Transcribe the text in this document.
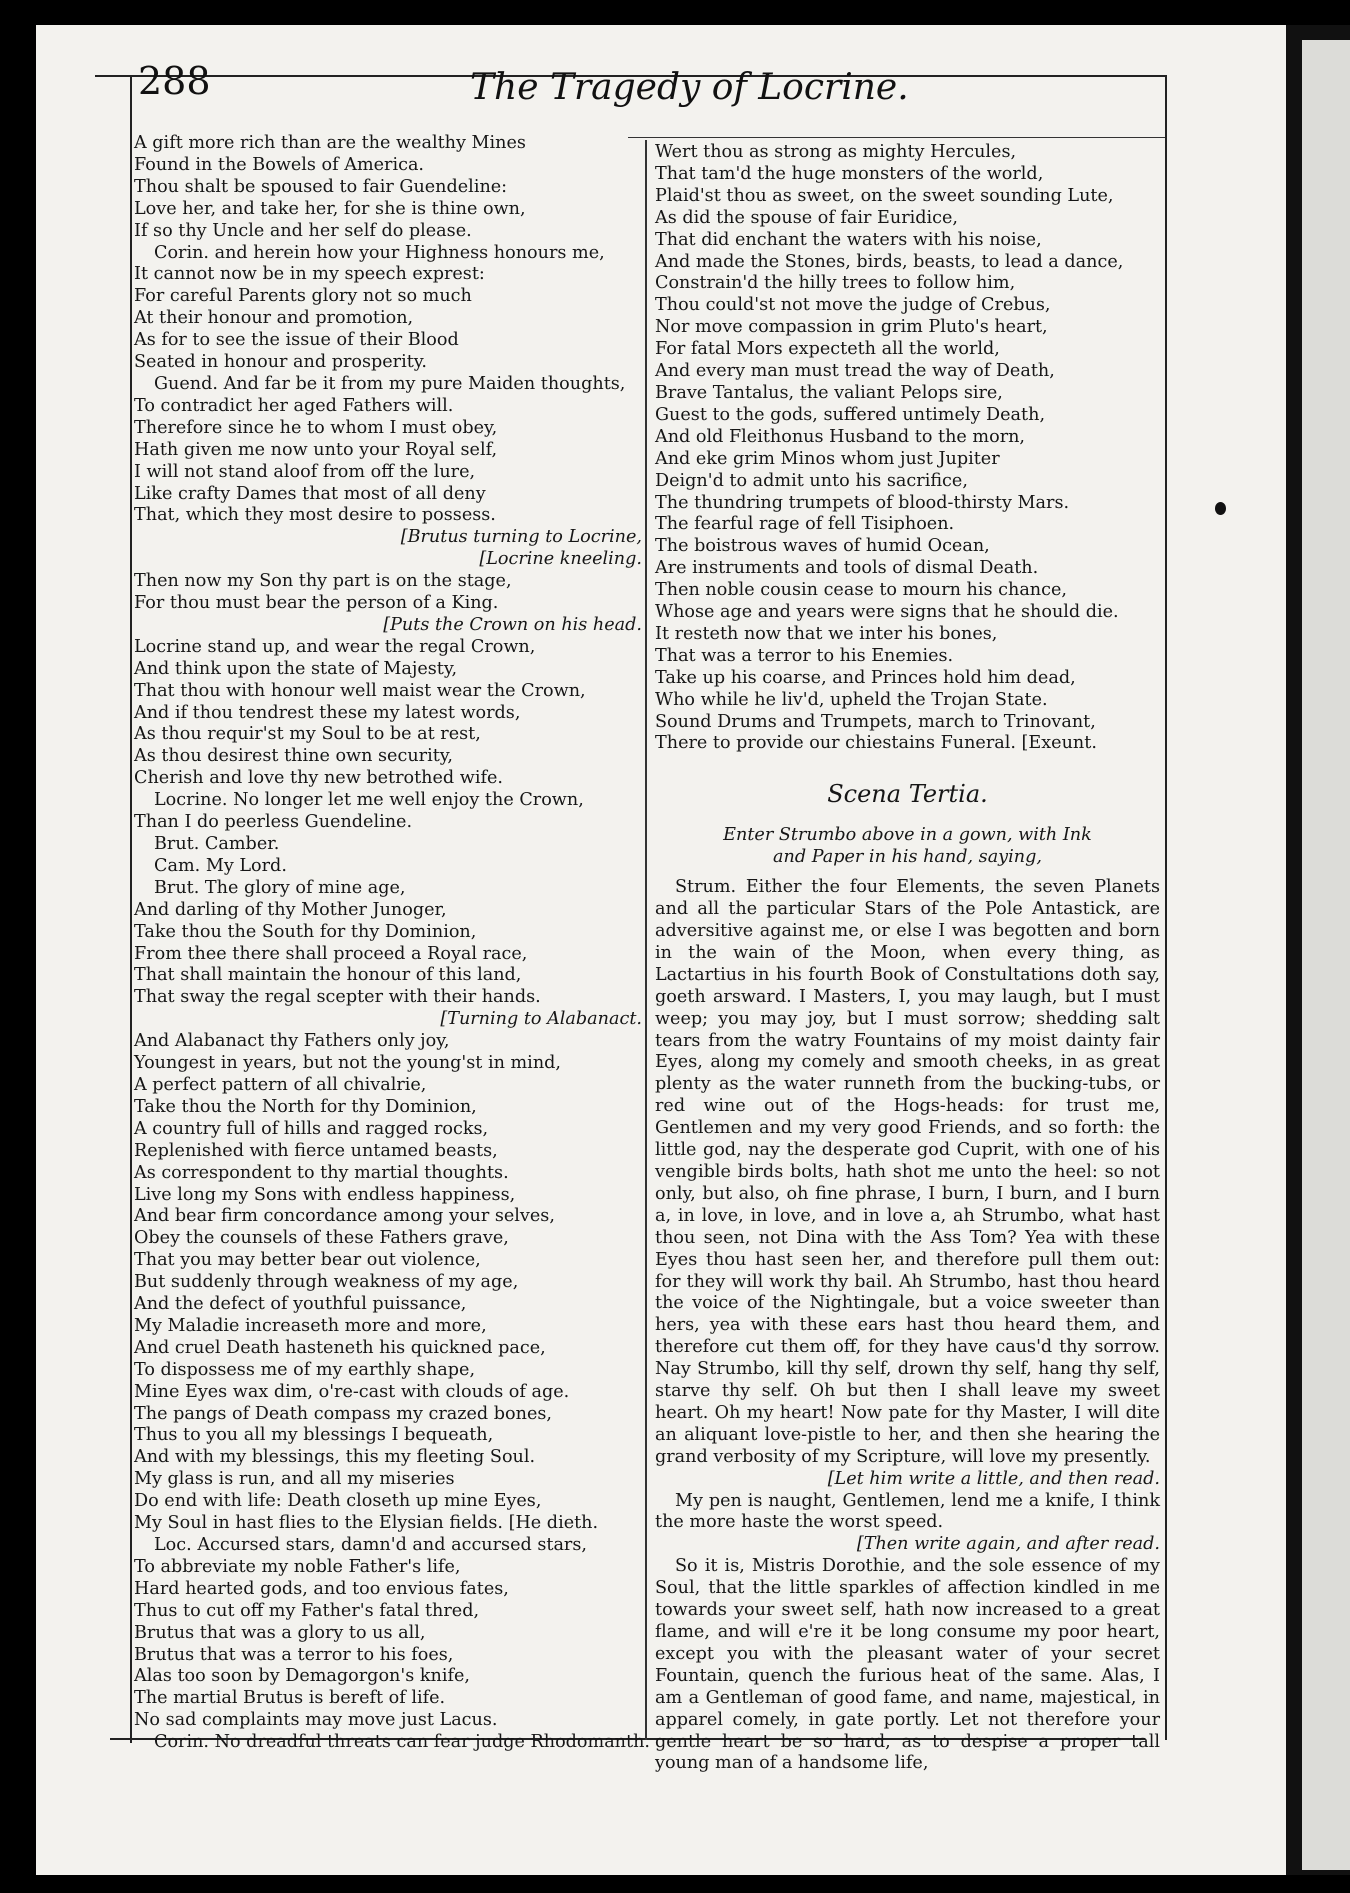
288	The Tragedy of Locrine.
A gift more rich than are the wealthy Mines
Found in the Bowels of America.
Thou shalt be spoused to fair Guendeline:
Love her, and take her, for she is thine own,
If so thy Uncle and her self do please.
Corin. and herein how your Highness honours me,
It cannot now be in my speech exprest:
For careful Parents glory not so much
At their honour and promotion,
As for to see the issue of their Blood
Seated in honour and prosperity.
Guend. And far be it from my pure Maiden thoughts,
To contradict her aged Fathers will.
Therefore since he to whom I must obey,
Hath given me now unto your Royal self,
I will not stand aloof from off the lure,
Like crafty Dames that most of all deny
That, which they most desire to possess.
[Brutus turning to Locrine,
[Locrine kneeling.
Then now my Son thy part is on the stage,
For thou must bear the person of a King.
[Puts the Crown on his head.
Locrine stand up, and wear the regal Crown,
And think upon the state of Majesty,
That thou with honour well maist wear the Crown,
And if thou tendrest these my latest words,
As thou requir'st my Soul to be at rest,
As thou desirest thine own security,
Cherish and love thy new betrothed wife.
Locrine. No longer let me well enjoy the Crown,
Than I do peerless Guendeline.
Brut. Camber.
Cam. My Lord.
Brut. The glory of mine age,
And darling of thy Mother Junoger,
Take thou the South for thy Dominion,
From thee there shall proceed a Royal race,
That shall maintain the honour of this land,
That sway the regal scepter with their hands.
[Turning to Alabanact.
And Alabanact thy Fathers only joy,
Youngest in years, but not the young'st in mind,
A perfect pattern of all chivalrie,
Take thou the North for thy Dominion,
A country full of hills and ragged rocks,
Replenished with fierce untamed beasts,
As correspondent to thy martial thoughts.
Live long my Sons with endless happiness,
And bear firm concordance among your selves,
Obey the counsels of these Fathers grave,
That you may better bear out violence,
But suddenly through weakness of my age,
And the defect of youthful puissance,
My Maladie increaseth more and more,
And cruel Death hasteneth his quickned pace,
To dispossess me of my earthly shape,
Mine Eyes wax dim, o're-cast with clouds of age.
The pangs of Death compass my crazed bones,
Thus to you all my blessings I bequeath,
And with my blessings, this my fleeting Soul.
My glass is run, and all my miseries
Do end with life: Death closeth up mine Eyes,
My Soul in hast flies to the Elysian fields. [He dieth.
Loc. Accursed stars, damn'd and accursed stars,
To abbreviate my noble Father's life,
Hard hearted gods, and too envious fates,
Thus to cut off my Father's fatal thred,
Brutus that was a glory to us all,
Brutus that was a terror to his foes,
Alas too soon by Demagorgon's knife,
The martial Brutus is bereft of life.
No sad complaints may move just Lacus.
Corin. No dreadful threats can fear judge Rhodomanth.
Wert thou as strong as mighty Hercules,
That tam'd the huge monsters of the world,
Plaid'st thou as sweet, on the sweet sounding Lute,
As did the spouse of fair Euridice,
That did enchant the waters with his noise,
And made the Stones, birds, beasts, to lead a dance,
Constrain'd the hilly trees to follow him,
Thou could'st not move the judge of Crebus,
Nor move compassion in grim Pluto's heart,
For fatal Mors expecteth all the world,
And every man must tread the way of Death,
Brave Tantalus, the valiant Pelops sire,
Guest to the gods, suffered untimely Death,
And old Fleithonus Husband to the morn,
And eke grim Minos whom just Jupiter
Deign'd to admit unto his sacrifice,
The thundring trumpets of blood-thirsty Mars.
The fearful rage of fell Tisiphoen.
The boistrous waves of humid Ocean,
Are instruments and tools of dismal Death.
Then noble cousin cease to mourn his chance,
Whose age and years were signs that he should die.
It resteth now that we inter his bones,
That was a terror to his Enemies.
Take up his coarse, and Princes hold him dead,
Who while he liv'd, upheld the Trojan State.
Sound Drums and Trumpets, march to Trinovant,
There to provide our chiestains Funeral. [Exeunt.
Scena Tertia.
Enter Strumbo above in a gown, with Ink
and Paper in his hand, saying,
Strum. Either the four Elements, the seven Planets and all the particular Stars of the Pole Antastick, are adversitive against me, or else I was begotten and born in the wain of the Moon, when every thing, as Lactartius in his fourth Book of Constultations doth say, goeth arsward. I Masters, I, you may laugh, but I must weep; you may joy, but I must sorrow; shedding salt tears from the watry Fountains of my moist dainty fair Eyes, along my comely and smooth cheeks, in as great plenty as the water runneth from the bucking-tubs, or red wine out of the Hogs-heads: for trust me, Gentlemen and my very good Friends, and so forth: the little god, nay the desperate god Cuprit, with one of his vengible birds bolts, hath shot me unto the heel: so not only, but also, oh fine phrase, I burn, I burn, and I burn a, in love, in love, and in love a, ah Strumbo, what hast thou seen, not Dina with the Ass Tom? Yea with these Eyes thou hast seen her, and therefore pull them out: for they will work thy bail. Ah Strumbo, hast thou heard the voice of the Nightingale, but a voice sweeter than hers, yea with these ears hast thou heard them, and therefore cut them off, for they have caus'd thy sorrow. Nay Strumbo, kill thy self, drown thy self, hang thy self, starve thy self. Oh but then I shall leave my sweet heart. Oh my heart! Now pate for thy Master, I will dite an aliquant love-pistle to her, and then she hearing the grand verbosity of my Scripture, will love my presently.
[Let him write a little, and then read.
My pen is naught, Gentlemen, lend me a knife, I think the more haste the worst speed.
[Then write again, and after read.
So it is, Mistris Dorothie, and the sole essence of my Soul, that the little sparkles of affection kindled in me towards your sweet self, hath now increased to a great flame, and will e're it be long consume my poor heart, except you with the pleasant water of your secret Fountain, quench the furious heat of the same. Alas, I am a Gentleman of good fame, and name, majestical, in apparel comely, in gate portly. Let not therefore your gentle heart be so hard, as to despise a proper tall young man of a handsome life,
